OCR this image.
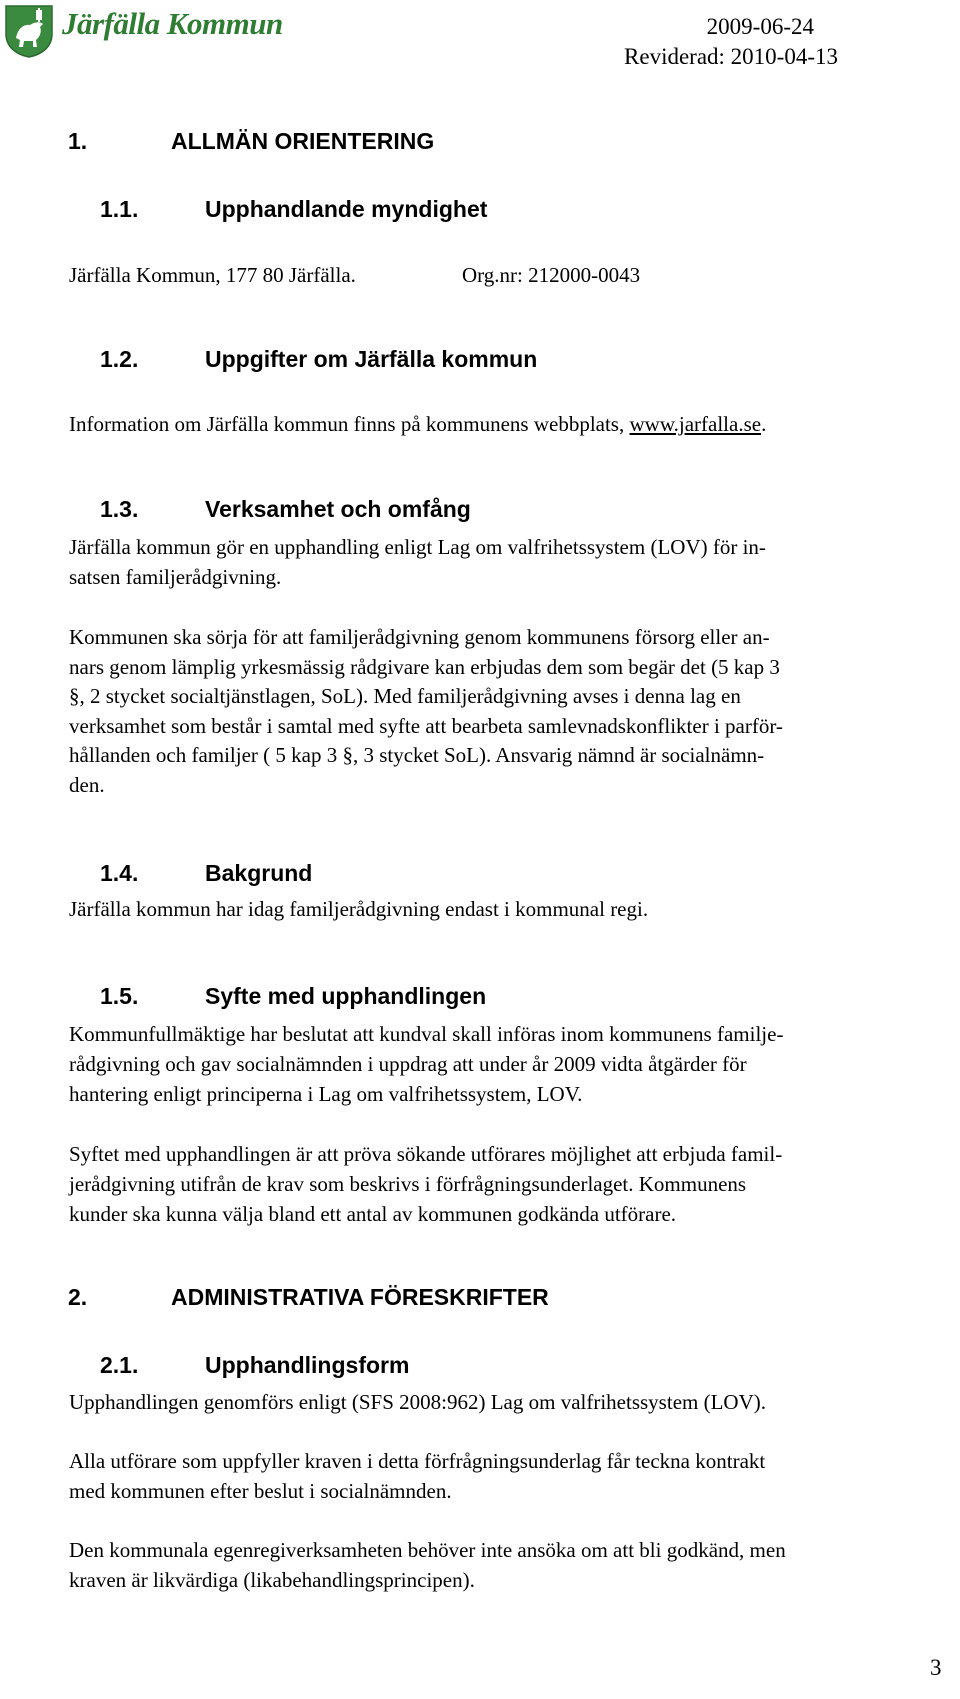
Järfälla Kommun	2009-06-24
Reviderad: 2010-04-13
1.	ALLMÄN ORIENTERING
1.1.	Upphandlande myndighet
Järfälla Kommun, 177 80 Järfälla.	Org.nr: 212000-0043
1.2.	Uppgifter om Järfälla kommun
Information om Järfälla kommun finns på kommunens webbplats, www.jarfalla.se.
1.3.	Verksamhet och omfång
Järfälla kommun gör en upphandling enligt Lag om valfrihetssystem (LOV) för in-
satsen familjerådgivning.
Kommunen ska sörja för att familjerådgivning genom kommunens försorg eller an-
nars genom lämplig yrkesmässig rådgivare kan erbjudas dem som begär det (5 kap 3
§, 2 stycket socialtjänstlagen, SoL). Med familjerådgivning avses i denna lag en
verksamhet som består i samtal med syfte att bearbeta samlevnadskonflikter i parför-
hållanden och familjer ( 5 kap 3 §, 3 stycket SoL). Ansvarig nämnd är socialnämn-
den.
1.4.	Bakgrund
Järfälla kommun har idag familjerådgivning endast i kommunal regi.
1.5.	Syfte med upphandlingen
Kommunfullmäktige har beslutat att kundval skall införas inom kommunens familje-
rådgivning och gav socialnämnden i uppdrag att under år 2009 vidta åtgärder för
hantering enligt principerna i Lag om valfrihetssystem, LOV.
Syftet med upphandlingen är att pröva sökande utförares möjlighet att erbjuda famil-
jerådgivning utifrån de krav som beskrivs i förfrågningsunderlaget. Kommunens
kunder ska kunna välja bland ett antal av kommunen godkända utförare.
2.	ADMINISTRATIVA FÖRESKRIFTER
2.1.	Upphandlingsform
Upphandlingen genomförs enligt (SFS 2008:962) Lag om valfrihetssystem (LOV).
Alla utförare som uppfyller kraven i detta förfrågningsunderlag får teckna kontrakt
med kommunen efter beslut i socialnämnden.
Den kommunala egenregiverksamheten behöver inte ansöka om att bli godkänd, men
kraven är likvärdiga (likabehandlingsprincipen).
3
